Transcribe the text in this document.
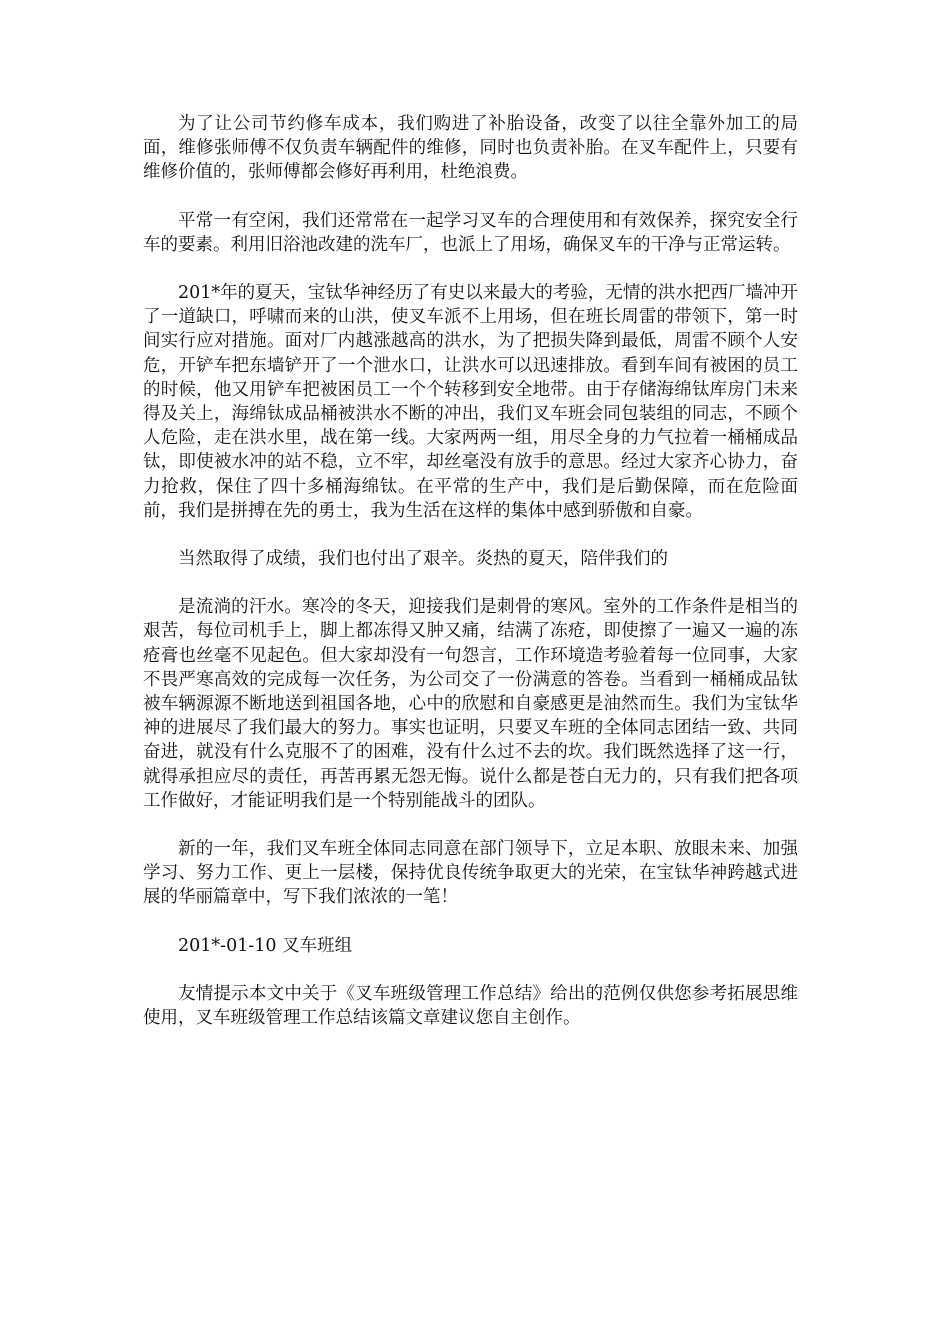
为了让公司节约修车成本，我们购进了补胎设备，改变了以往全靠外加工的局面，维修张师傅不仅负责车辆配件的维修，同时也负责补胎。在叉车配件上，只要有维修价值的，张师傅都会修好再利用，杜绝浪费。

平常一有空闲，我们还常常在一起学习叉车的合理使用和有效保养，探究安全行车的要素。利用旧浴池改建的洗车厂，也派上了用场，确保叉车的干净与正常运转。

201*年的夏天，宝钛华神经历了有史以来最大的考验，无情的洪水把西厂墙冲开了一道缺口，呼啸而来的山洪，使叉车派不上用场，但在班长周雷的带领下，第一时间实行应对措施。面对厂内越涨越高的洪水，为了把损失降到最低，周雷不顾个人安危，开铲车把东墙铲开了一个泄水口，让洪水可以迅速排放。看到车间有被困的员工的时候，他又用铲车把被困员工一个个转移到安全地带。由于存储海绵钛库房门未来得及关上，海绵钛成品桶被洪水不断的冲出，我们叉车班会同包装组的同志，不顾个人危险，走在洪水里，战在第一线。大家两两一组，用尽全身的力气拉着一桶桶成品钛，即使被水冲的站不稳，立不牢，却丝毫没有放手的意思。经过大家齐心协力，奋力抢救，保住了四十多桶海绵钛。在平常的生产中，我们是后勤保障，而在危险面前，我们是拼搏在先的勇士，我为生活在这样的集体中感到骄傲和自豪。

当然取得了成绩，我们也付出了艰辛。炎热的夏天，陪伴我们的

是流淌的汗水。寒冷的冬天，迎接我们是刺骨的寒风。室外的工作条件是相当的艰苦，每位司机手上，脚上都冻得又肿又痛，结满了冻疮，即使擦了一遍又一遍的冻疮膏也丝毫不见起色。但大家却没有一句怨言，工作环境造考验着每一位同事，大家不畏严寒高效的完成每一次任务，为公司交了一份满意的答卷。当看到一桶桶成品钛被车辆源源不断地送到祖国各地，心中的欣慰和自豪感更是油然而生。我们为宝钛华神的进展尽了我们最大的努力。事实也证明，只要叉车班的全体同志团结一致、共同奋进，就没有什么克服不了的困难，没有什么过不去的坎。我们既然选择了这一行，就得承担应尽的责任，再苦再累无怨无悔。说什么都是苍白无力的，只有我们把各项工作做好，才能证明我们是一个特别能战斗的团队。

新的一年，我们叉车班全体同志同意在部门领导下，立足本职、放眼未来、加强学习、努力工作、更上一层楼，保持优良传统争取更大的光荣，在宝钛华神跨越式进展的华丽篇章中，写下我们浓浓的一笔！

201*-01-10 叉车班组

友情提示本文中关于《叉车班级管理工作总结》给出的范例仅供您参考拓展思维使用，叉车班级管理工作总结该篇文章建议您自主创作。
